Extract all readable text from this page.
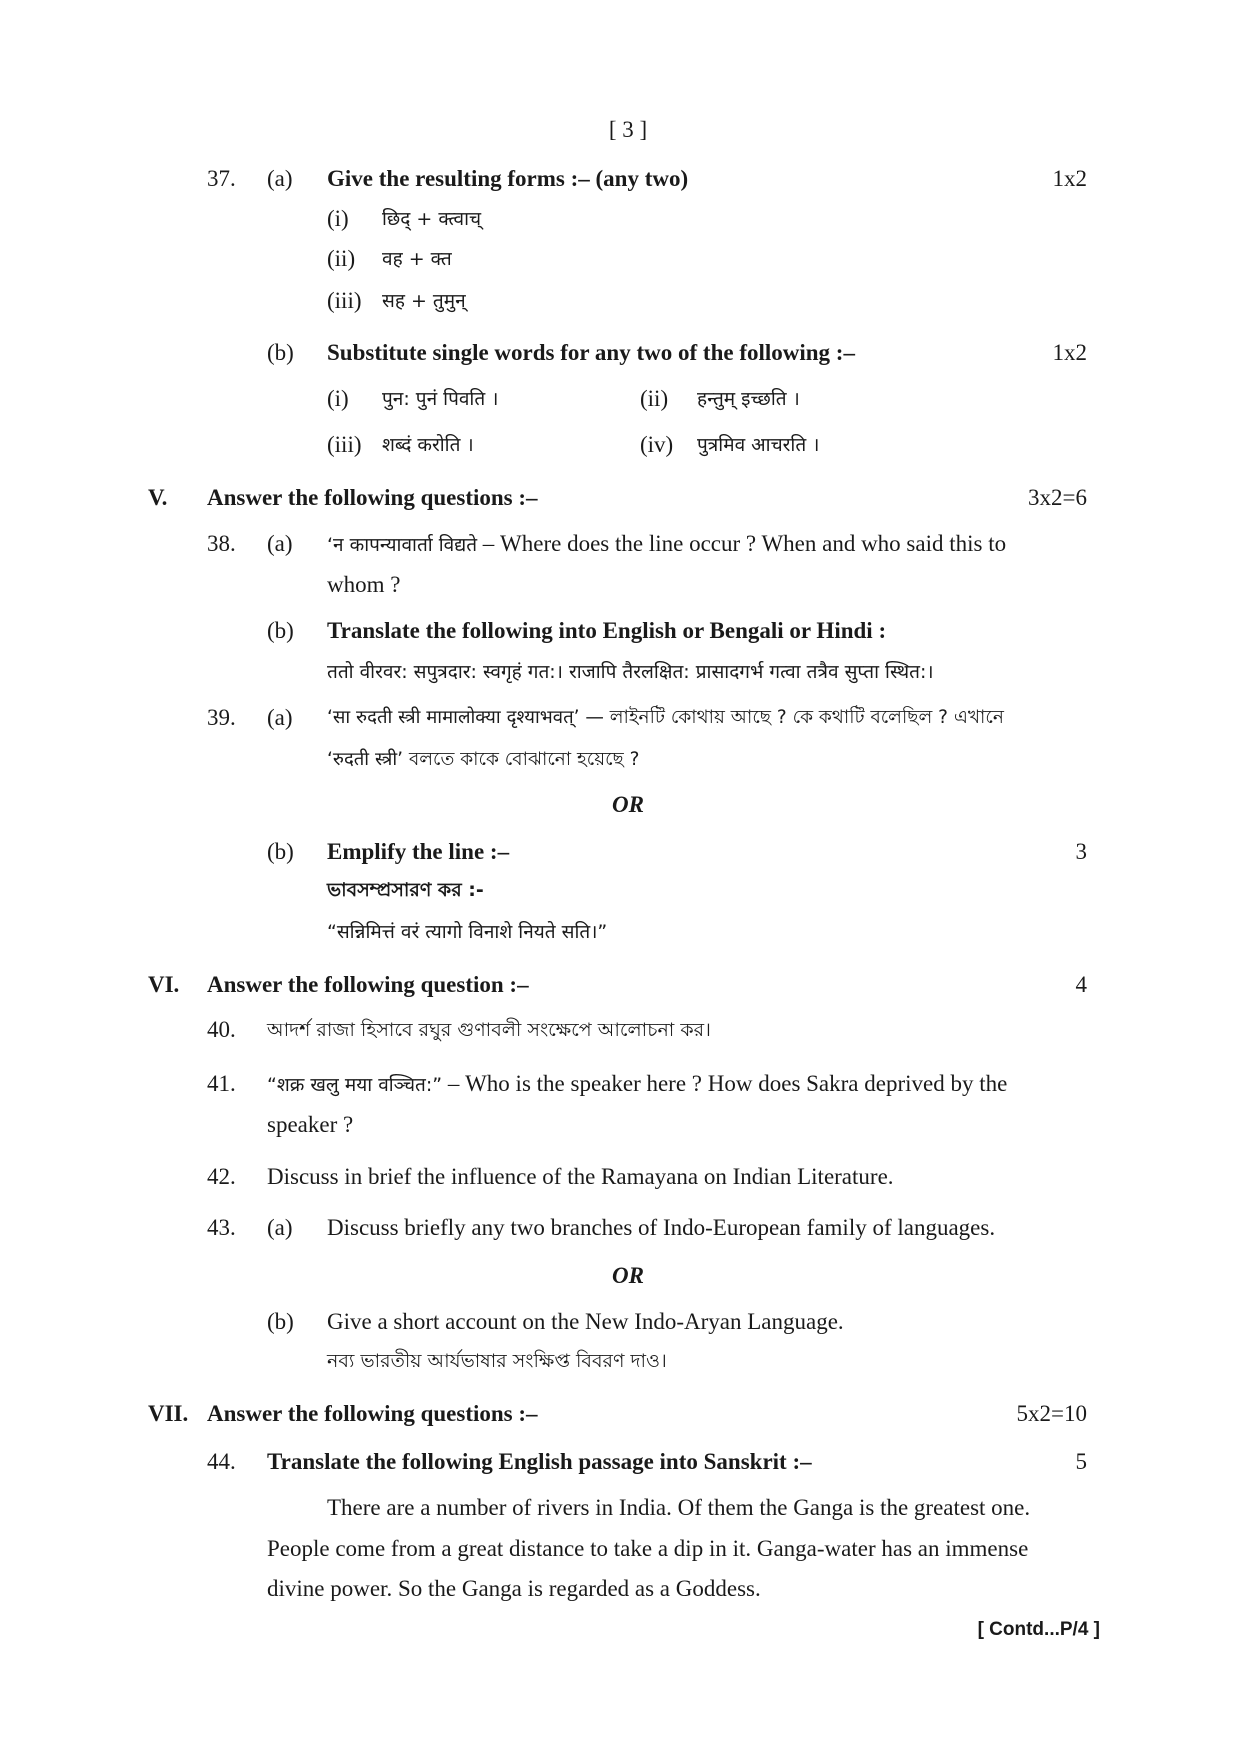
[ 3 ]
37. (a) Give the resulting forms :– (any two)	1x2
(i) छिद् + क्त्वाच्
(ii) वह + क्त
(iii) सह + तुमुन्
(b) Substitute single words for any two of the following :–	1x2
(i) पुन: पुनं पिवति ।	(ii) हन्तुम् इच्छति ।
(iii) शब्दं करोति ।	(iv) पुत्रमिव आचरति ।
V. Answer the following questions :–	3x2=6
38. (a) ‘न कापन्यावार्ता विद्यते – Where does the line occur ? When and who said this to
whom ?
(b) Translate the following into English or Bengali or Hindi :
ततो वीरवर: सपुत्रदार: स्वगृहं गत:। राजापि तैरलक्षित: प्रासादगर्भ गत्वा तत्रैव सुप्ता स्थित:।
39. (a) ‘सा रुदती स्त्री मामालोक्या दृश्याभवत्’ — লাইনটি কোথায় আছে ? কে কথাটি বলেছিল ? এখানে
‘रुदती स्त्री’ বলতে কাকে বোঝানো হয়েছে ?
OR
(b) Emplify the line :–	3
ভাবসম্প্রসারণ কর :-
“सन्निमित्तं वरं त्यागो विनाशे नियते सति।”
VI. Answer the following question :–	4
40. আদর্শ রাজা হিসাবে রঘুর গুণাবলী সংক্ষেপে আলোচনা কর।
41. “शक्र खलु मया वञ्चित:” – Who is the speaker here ? How does Sakra deprived by the
speaker ?
42. Discuss in brief the influence of the Ramayana on Indian Literature.
43. (a) Discuss briefly any two branches of Indo-European family of languages.
OR
(b) Give a short account on the New Indo-Aryan Language.
নব্য ভারতীয় আর্যভাষার সংক্ষিপ্ত বিবরণ দাও।
VII. Answer the following questions :–	5x2=10
44. Translate the following English passage into Sanskrit :–	5
There are a number of rivers in India. Of them the Ganga is the greatest one.
People come from a great distance to take a dip in it. Ganga-water has an immense
divine power. So the Ganga is regarded as a Goddess.
[ Contd...P/4 ]
